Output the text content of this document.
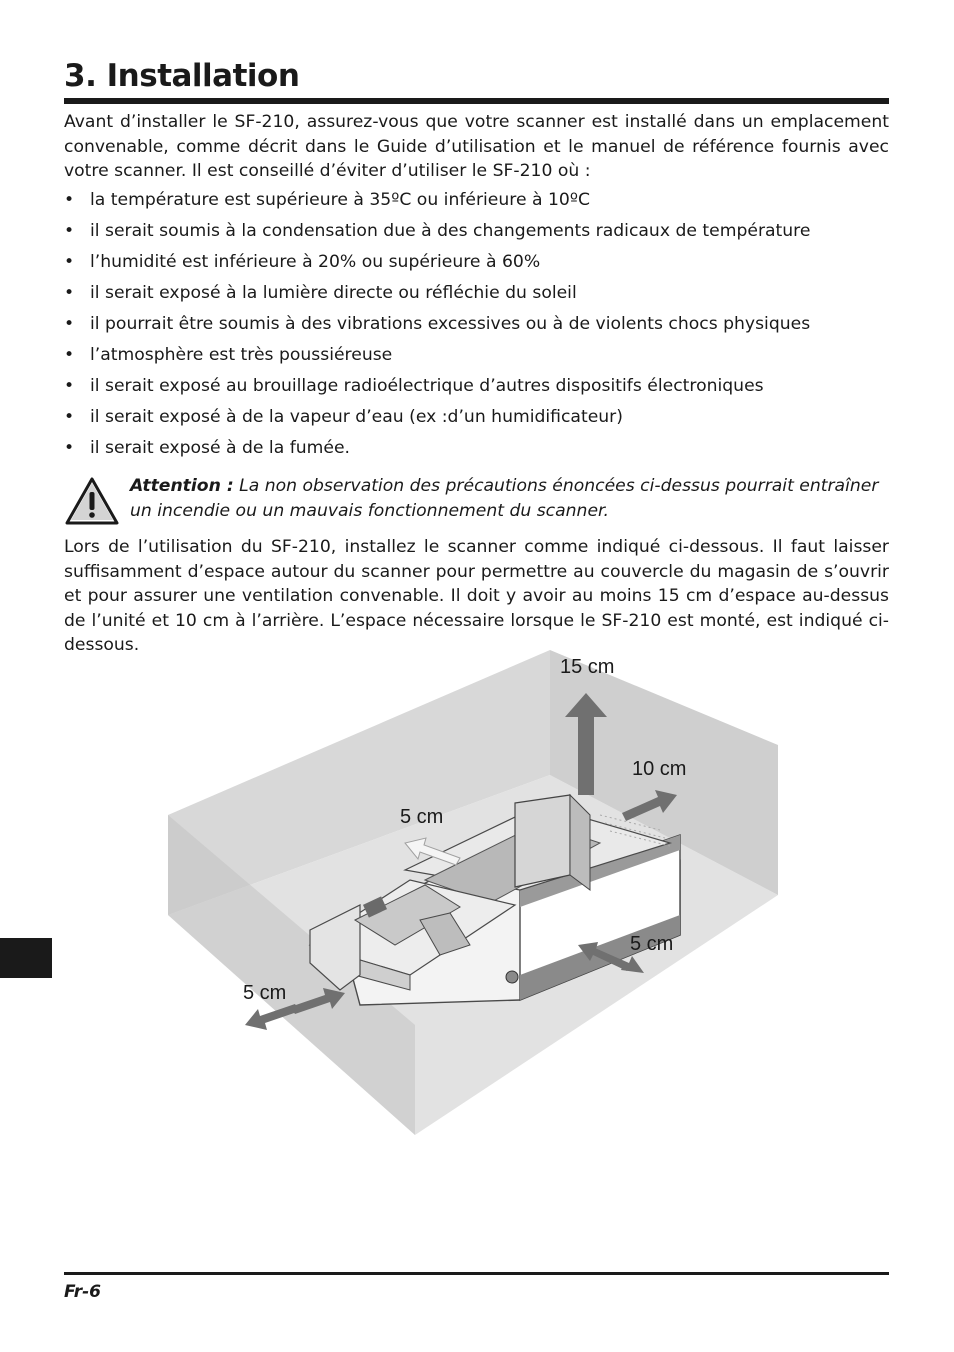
3. Installation

Avant d’installer le SF-210, assurez-vous que votre scanner est installé dans un emplacement convenable, comme décrit dans le Guide d’utilisation et le manuel de référence fournis avec votre scanner. Il est conseillé d’éviter d’utiliser le SF-210 où :

• la température est supérieure à 35ºC ou inférieure à 10ºC
• il serait soumis à la condensation due à des changements radicaux de température
• l’humidité est inférieure à 20% ou supérieure à 60%
• il serait exposé à la lumière directe ou réfléchie du soleil
• il pourrait être soumis à des vibrations excessives ou à de violents chocs physiques
• l’atmosphère est très poussiéreuse
• il serait exposé au brouillage radioélectrique d’autres dispositifs électroniques
• il serait exposé à de la vapeur d’eau (ex :d’un humidificateur)
• il serait exposé à de la fumée.

Attention : La non observation des précautions énoncées ci-dessus pourrait entraîner un incendie ou un mauvais fonctionnement du scanner.

Lors de l’utilisation du SF-210, installez le scanner comme indiqué ci-dessous. Il faut laisser suffisamment d’espace autour du scanner pour permettre au couvercle du magasin de s’ouvrir et pour assurer une ventilation convenable. Il doit y avoir au moins 15 cm d’espace au-dessus de l’unité et 10 cm à l’arrière. L’espace nécessaire lorsque le SF-210 est monté, est indiqué ci-dessous.

15 cm
10 cm
5 cm
5 cm
5 cm

Fr-6
